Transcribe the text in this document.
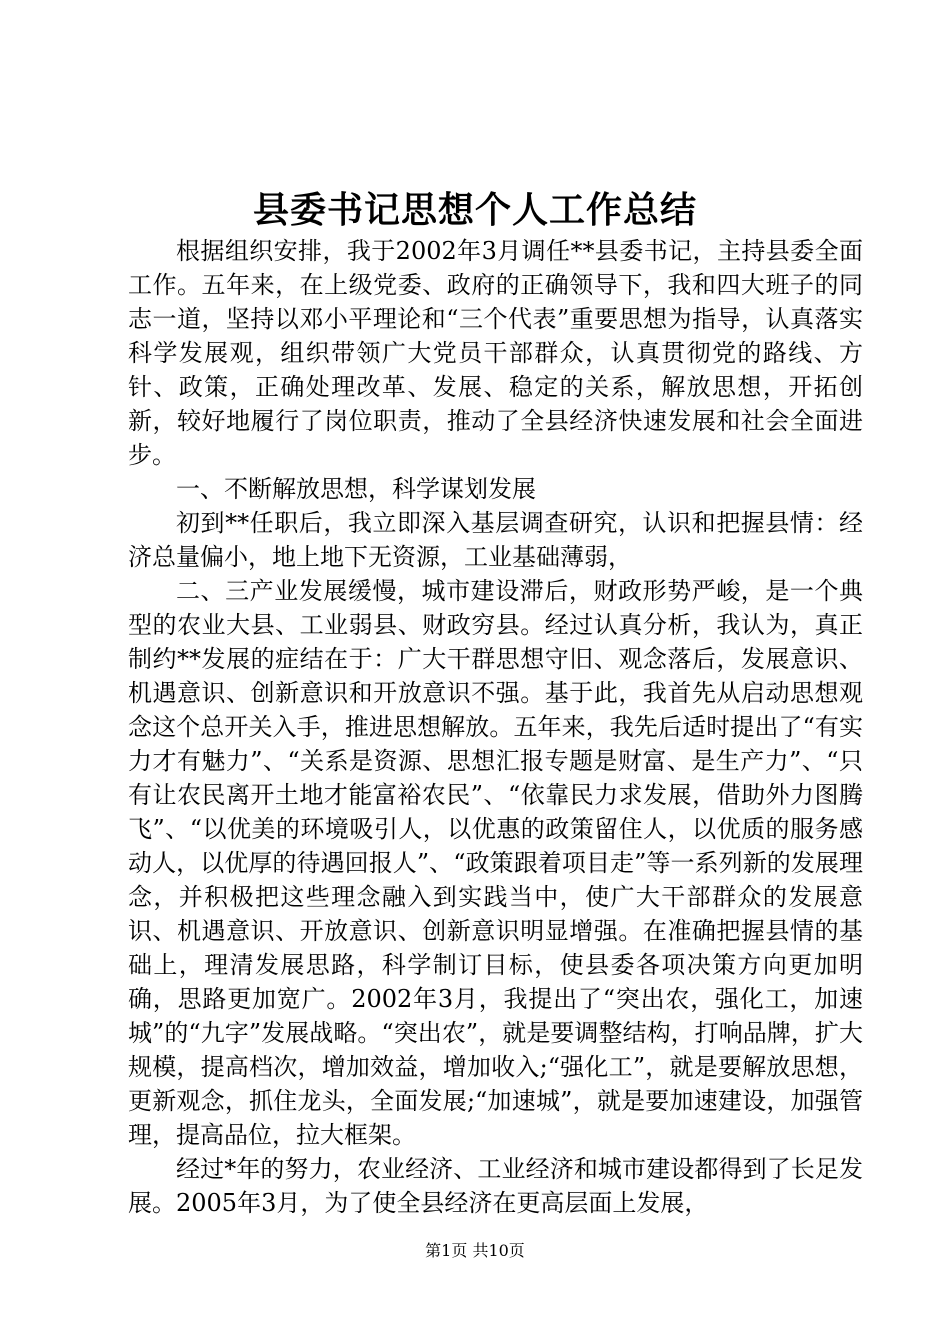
县委书记思想个人工作总结

根据组织安排，我于2002年3月调任**县委书记，主持县委全面工作。五年来，在上级党委、政府的正确领导下，我和四大班子的同志一道，坚持以邓小平理论和“三个代表”重要思想为指导，认真落实科学发展观，组织带领广大党员干部群众，认真贯彻党的路线、方针、政策，正确处理改革、发展、稳定的关系，解放思想，开拓创新，较好地履行了岗位职责，推动了全县经济快速发展和社会全面进步。

一、不断解放思想，科学谋划发展

初到**任职后，我立即深入基层调查研究，认识和把握县情：经济总量偏小，地上地下无资源，工业基础薄弱，

二、三产业发展缓慢，城市建设滞后，财政形势严峻，是一个典型的农业大县、工业弱县、财政穷县。经过认真分析，我认为，真正制约**发展的症结在于：广大干群思想守旧、观念落后，发展意识、机遇意识、创新意识和开放意识不强。基于此，我首先从启动思想观念这个总开关入手，推进思想解放。五年来，我先后适时提出了“有实力才有魅力”、“关系是资源、思想汇报专题是财富、是生产力”、“只有让农民离开土地才能富裕农民”、“依靠民力求发展，借助外力图腾飞”、“以优美的环境吸引人，以优惠的政策留住人，以优质的服务感动人，以优厚的待遇回报人”、“政策跟着项目走”等一系列新的发展理念，并积极把这些理念融入到实践当中，使广大干部群众的发展意识、机遇意识、开放意识、创新意识明显增强。在准确把握县情的基础上，理清发展思路，科学制订目标，使县委各项决策方向更加明确，思路更加宽广。2002年3月，我提出了“突出农，强化工，加速城”的“九字”发展战略。“突出农”，就是要调整结构，打响品牌，扩大规模，提高档次，增加效益，增加收入;“强化工”，就是要解放思想，更新观念，抓住龙头，全面发展;“加速城”，就是要加速建设，加强管理，提高品位，拉大框架。

经过*年的努力，农业经济、工业经济和城市建设都得到了长足发展。2005年3月，为了使全县经济在更高层面上发展，

第1页 共10页
